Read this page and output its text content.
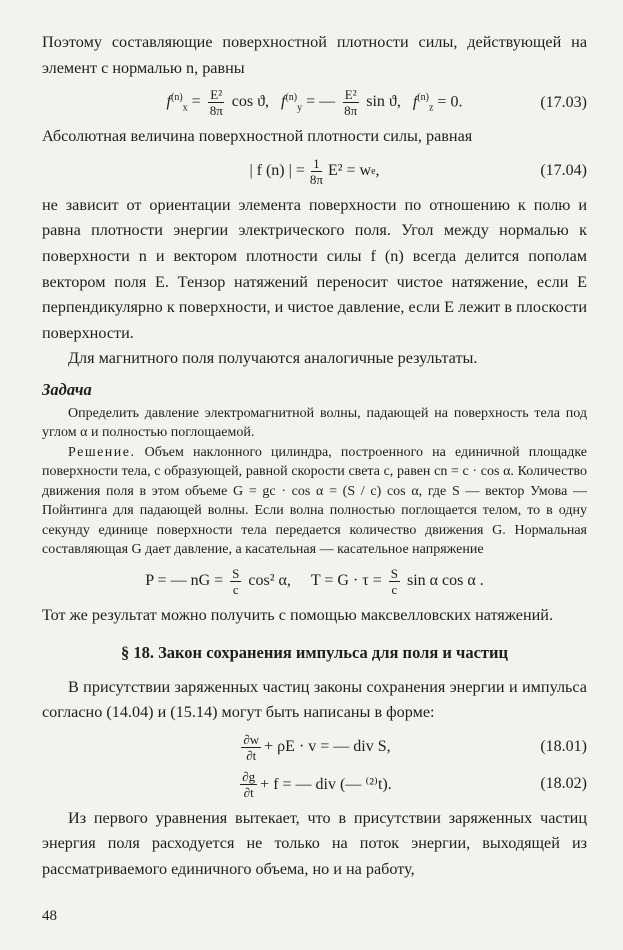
Поэтому составляющие поверхностной плотности силы, действующей на элемент с нормалью n, равны

$f^{(n)}_x = \frac{\text{E²}}{8\pi}$ cos ϑ,
$f^{(n)}_y$ = — $\frac{\text{E²}}{8\pi}$ sin ϑ,
$f^{(n)}_z = 0$.	(17.03)

Абсолютная величина поверхностной плотности силы, равная

| f (n) | = $\frac{1}{8\pi} E^2 = w$ e ,	(17.04)

не зависит от ориентации элемента поверхности по отношению к полю и равна плотности энергии электрического поля. Угол между нормалью к поверхности n и вектором плотности силы f (n) всегда делится пополам вектором поля E. Тензор натяжений переносит чистое натяжение, если E перпендикулярно к поверхности, и чистое давление, если E лежит в плоскости поверхности.

Для магнитного поля получаются аналогичные результаты.

Задача

Определить давление электромагнитной волны, падающей на поверхность тела под углом α и полностью поглощаемой.

Решение. Объем наклонного цилиндра, построенного на единичной площадке поверхности тела, с образующей, равной скорости света c, равен cn = c · cos α. Количество движения поля в этом объеме G = gc · cos α = (S / c) cos α, где S — вектор Умова — Пойнтинга для падающей волны. Если волна полностью поглощается телом, то в одну секунду единице поверхности тела передается количество движения G. Нормальная составляющая G дает давление, а касательная — касательное напряжение

P = — nG = $\frac{S}{c} \cos^2$ α,
$T = G \cdot \tau = \frac{S}{c}$ sin α cos α .

Тот же результат можно получить с помощью максвелловских натяжений.

§ 18. Закон сохранения импульса для поля и частиц

В присутствии заряженных частиц законы сохранения энергии и импульса согласно (14.04) и (15.14) могут быть написаны в форме:

$\frac{\partial w}{\partial t} + \rho E \cdot v$ = — div S,	(18.01)
$\frac{\partial g}{\partial t} + f$ = — div (— ⁽²⁾t).	(18.02)

Из первого уравнения вытекает, что в присутствии заряженных частиц энергия поля расходуется не только на поток энергии, выходящей из рассматриваемого единичного объема, но и на работу,

48
